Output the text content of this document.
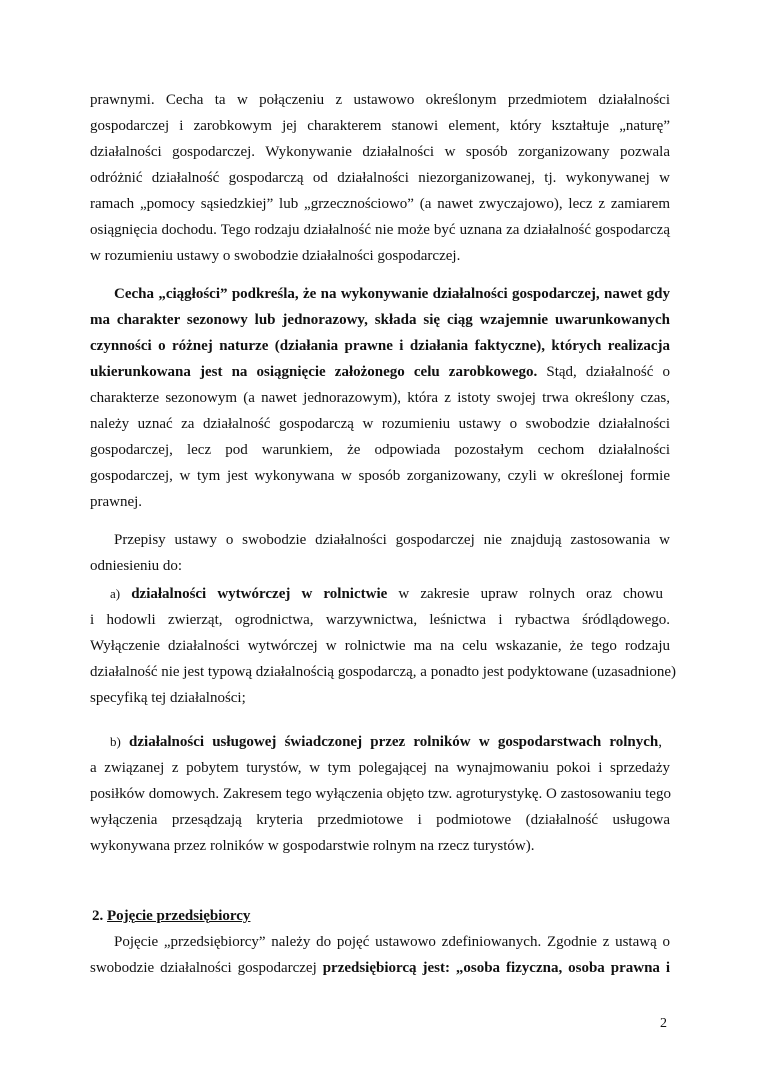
prawnymi. Cecha ta w połączeniu z ustawowo określonym przedmiotem działalności
gospodarczej i zarobkowym jej charakterem stanowi element, który kształtuje „naturę”
działalności gospodarczej. Wykonywanie działalności w sposób zorganizowany pozwala
odróżnić działalność gospodarczą od działalności niezorganizowanej, tj. wykonywanej w
ramach „pomocy sąsiedzkiej” lub „grzecznościowo” (a nawet zwyczajowo), lecz z zamiarem
osiągnięcia dochodu. Tego rodzaju działalność nie może być uznana za działalność gospodarczą
w rozumieniu ustawy o swobodzie działalności gospodarczej.
Cecha „ciągłości” podkreśla, że na wykonywanie działalności gospodarczej, nawet gdy
ma charakter sezonowy lub jednorazowy, składa się ciąg wzajemnie uwarunkowanych
czynności o różnej naturze (działania prawne i działania faktyczne), których realizacja
ukierunkowana jest na osiągnięcie założonego celu zarobkowego. Stąd, działalność o
charakterze sezonowym (a nawet jednorazowym), która z istoty swojej trwa określony czas,
należy uznać za działalność gospodarczą w rozumieniu ustawy o swobodzie działalności
gospodarczej, lecz pod warunkiem, że odpowiada pozostałym cechom działalności
gospodarczej, w tym jest wykonywana w sposób zorganizowany, czyli w określonej formie
prawnej.
Przepisy ustawy o swobodzie działalności gospodarczej nie znajdują zastosowania w
odniesieniu do:
a) działalności wytwórczej w rolnictwie w zakresie upraw rolnych oraz chowu
i hodowli zwierząt, ogrodnictwa, warzywnictwa, leśnictwa i rybactwa śródlądowego.
Wyłączenie działalności wytwórczej w rolnictwie ma na celu wskazanie, że tego rodzaju
działalność nie jest typową działalnością gospodarczą, a ponadto jest podyktowane (uzasadnione)
specyfiką tej działalności;
b) działalności usługowej świadczonej przez rolników w gospodarstwach rolnych,
a związanej z pobytem turystów, w tym polegającej na wynajmowaniu pokoi i sprzedaży
posiłków domowych. Zakresem tego wyłączenia objęto tzw. agroturystykę. O zastosowaniu tego
wyłączenia przesądzają kryteria przedmiotowe i podmiotowe (działalność usługowa
wykonywana przez rolników w gospodarstwie rolnym na rzecz turystów).
2. Pojęcie przedsiębiorcy
Pojęcie „przedsiębiorcy” należy do pojęć ustawowo zdefiniowanych. Zgodnie z ustawą o
swobodzie działalności gospodarczej przedsiębiorcą jest: „osoba fizyczna, osoba prawna i
2
